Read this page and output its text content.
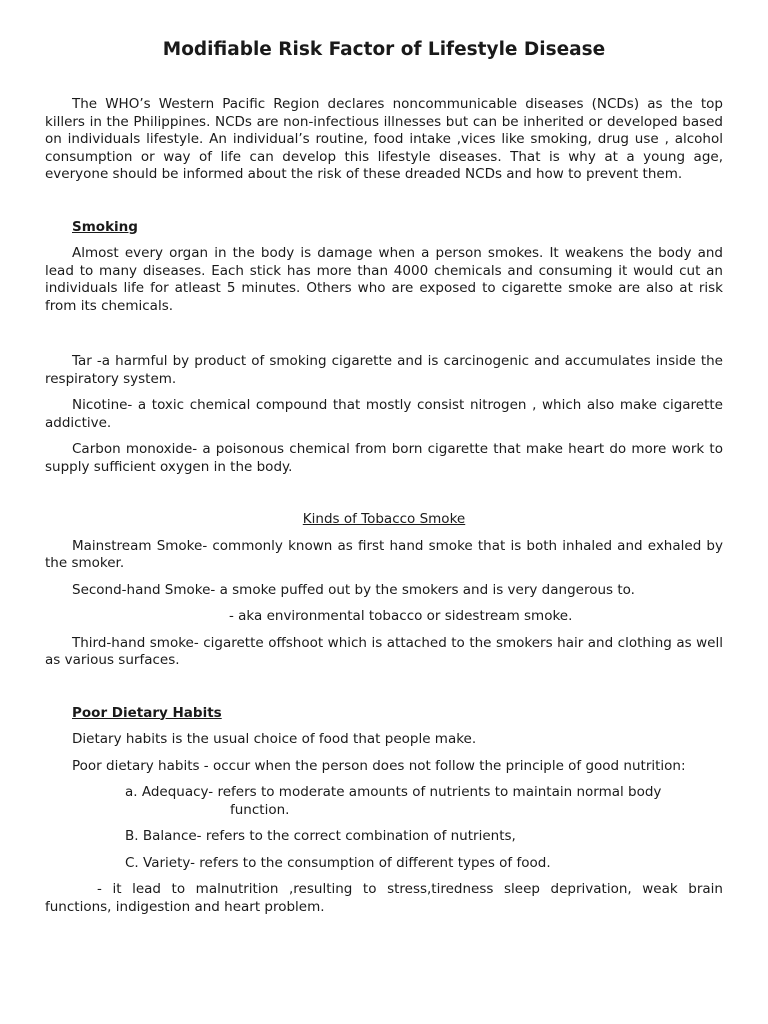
Modifiable Risk Factor of Lifestyle Disease

The WHO’s Western Pacific Region declares noncommunicable diseases (NCDs) as the top killers in the Philippines. NCDs are non-infectious illnesses but can be inherited or developed based on individuals lifestyle. An individual’s routine, food intake ,vices like smoking, drug use , alcohol consumption or way of life can develop this lifestyle diseases. That is why at a young age, everyone should be informed about the risk of these dreaded NCDs and how to prevent them.

Smoking

Almost every organ in the body is damage when a person smokes. It weakens the body and lead to many diseases. Each stick has more than 4000 chemicals and consuming it would cut an individuals life for atleast 5 minutes. Others who are exposed to cigarette smoke are also at risk from its chemicals.

Tar -a harmful by product of smoking cigarette and is carcinogenic and accumulates inside the respiratory system.

Nicotine- a toxic chemical compound that mostly consist nitrogen , which also make cigarette addictive.

Carbon monoxide- a poisonous chemical from born cigarette that make heart do more work to supply sufficient oxygen in the body.

Kinds of Tobacco Smoke

Mainstream Smoke- commonly known as first hand smoke that is both inhaled and exhaled by the smoker.

Second-hand Smoke- a smoke puffed out by the smokers and is very dangerous to.

- aka environmental tobacco or sidestream smoke.

Third-hand smoke- cigarette offshoot which is attached to the smokers hair and clothing as well as various surfaces.

Poor Dietary Habits

Dietary habits is the usual choice of food that people make.

Poor dietary habits - occur when the person does not follow the principle of good nutrition:

a. Adequacy- refers to moderate amounts of nutrients to maintain normal body
function.

B. Balance- refers to the correct combination of nutrients,

C. Variety- refers to the consumption of different types of food.

- it lead to malnutrition ,resulting to stress,tiredness sleep deprivation, weak brain functions, indigestion and heart problem.
